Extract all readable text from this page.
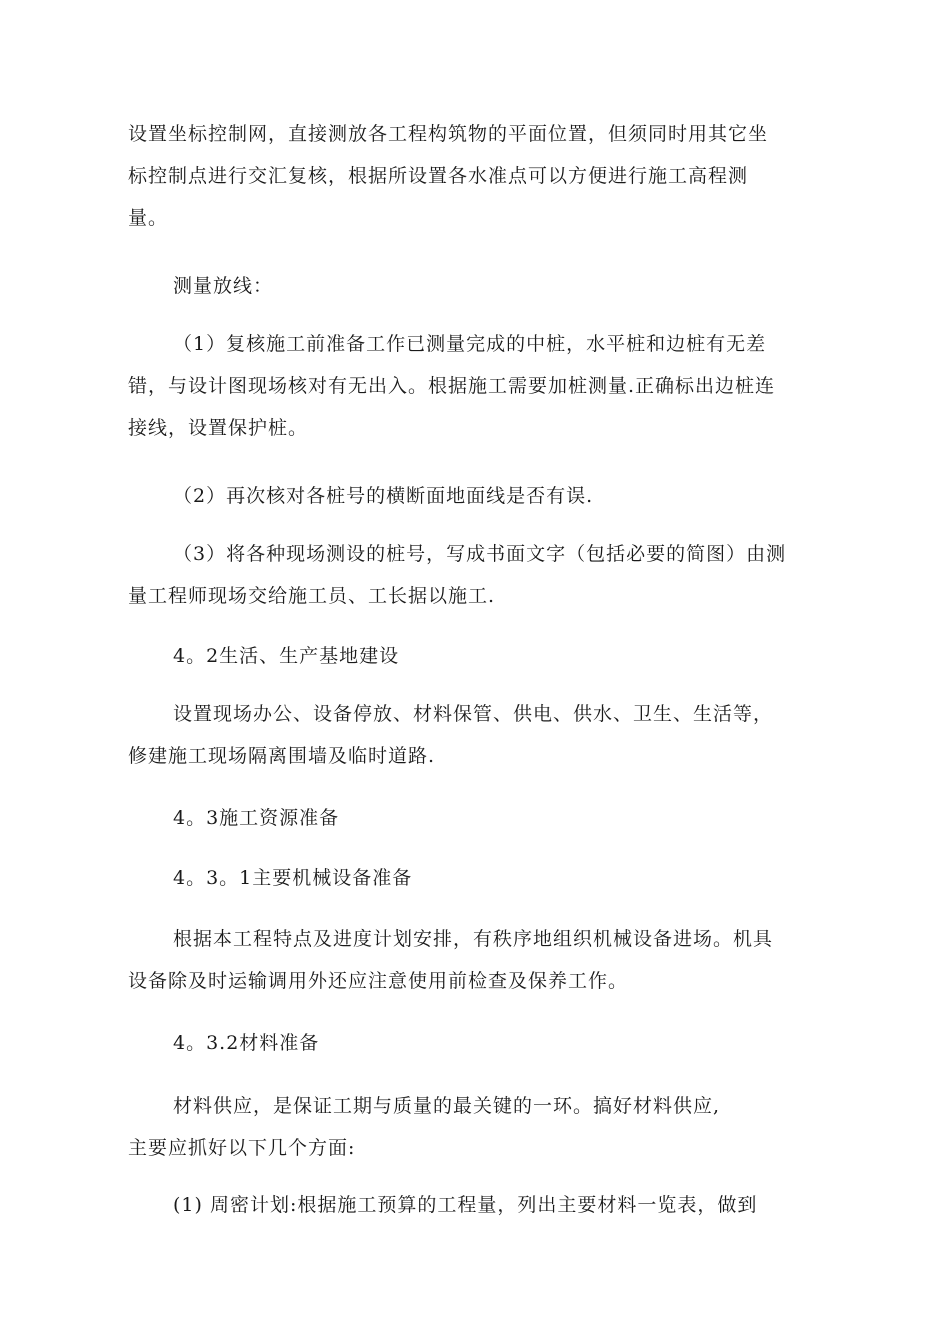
设置坐标控制网，直接测放各工程构筑物的平面位置，但须同时用其它坐
标控制点进行交汇复核，根据所设置各水准点可以方便进行施工高程测
量。
测量放线：
（1）复核施工前准备工作已测量完成的中桩，水平桩和边桩有无差
错，与设计图现场核对有无出入。根据施工需要加桩测量.正确标出边桩连
接线，设置保护桩。
（2）再次核对各桩号的横断面地面线是否有误.
（3）将各种现场测设的桩号，写成书面文字（包括必要的简图）由测
量工程师现场交给施工员、工长据以施工.
4。2生活、生产基地建设
设置现场办公、设备停放、材料保管、供电、供水、卫生、生活等，
修建施工现场隔离围墙及临时道路.
4。3施工资源准备
4。3。1主要机械设备准备
根据本工程特点及进度计划安排，有秩序地组织机械设备进场。机具
设备除及时运输调用外还应注意使用前检查及保养工作。
4。3.2材料准备
材料供应，是保证工期与质量的最关键的一环。搞好材料供应,
主要应抓好以下几个方面:
(1) 周密计划:根据施工预算的工程量，列出主要材料一览表，做到
